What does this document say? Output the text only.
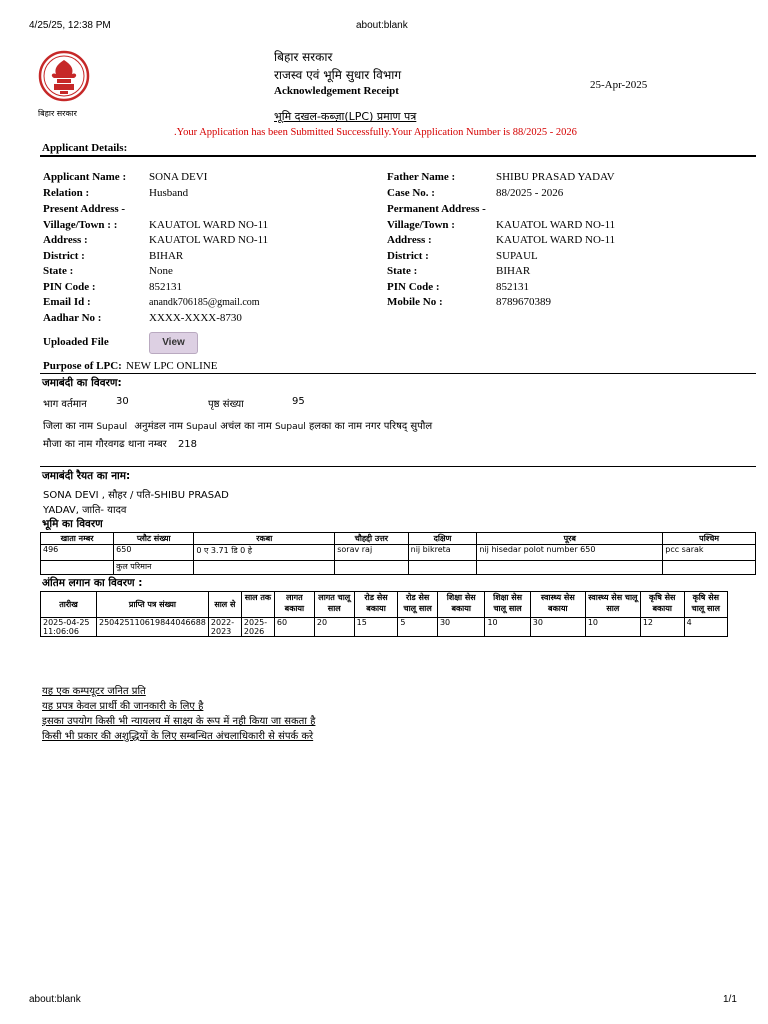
4/25/25, 12:38 PM	about:blank
बिहार सरकार
बिहार सरकार
राजस्व एवं भूमि सुधार विभाग
Acknowledgement Receipt	25-Apr-2025
भूमि दखल-कब्ज़ा(LPC) प्रमाण पत्र
.Your Application has been Submitted Successfully.Your Application Number is 88/2025 - 2026
Applicant Details:
Applicant Name : SONA DEVI
Relation :	Husband
Present Address -
Village/Town : :	KAUATOL WARD NO-11
Address :	KAUATOL WARD NO-11
District :	BIHAR
State :	None
PIN Code :	852131
Email Id :	anandk706185@gmail.com
Aadhar No :	XXXX-XXXX-8730
Father Name :	SHIBU PRASAD YADAV
Case No. :	88/2025 - 2026
Permanent Address -
Village/Town :	KAUATOL WARD NO-11
Address :	KAUATOL WARD NO-11
District :	SUPAUL
State :	BIHAR
PIN Code :	852131
Mobile No :	8789670389
Uploaded File	View
Purpose of LPC: NEW LPC ONLINE
जमाबंदी का विवरण:
भाग वर्तमान	30	पृष्ठ संख्या	95
जिला का नाम Supaul अनुमंडल नाम Supaul अचंल का नाम Supaul हलका का नाम नगर परिषद् सुपौल
मौजा का नाम गौरवगढ थाना नम्बर 218
जमाबंदी रैयत का नाम:
SONA DEVI , सौहर / पति-SHIBU PRASAD
YADAV, जाति- यादव
भूमि का विवरण
खाता नम्बर	प्लौट संख्या	रकबा	चौहद्दी उत्तर	दक्षिण	पूरब	पश्चिम
496	650	0 ए 3.71 डि 0 हे	sorav raj	nij bikreta	nij hisedar polot number 650	pcc sarak
	कुल परिमान					
अंतिम लगान का विवरण :
तारीख	प्राप्ति पत्र संख्या	साल से	साल तक	लागत बकाया	लागत चालू साल	रोड सेस बकाया	रोड सेस चालू साल	शिक्षा सेस बकाया	शिक्षा सेस चालू साल	स्वास्थ्य सेस बकाया	स्वास्थ्य सेस चालू साल	कृषि सेस बकाया	कृषि सेस चालू साल
2025-04-25 11:06:06	250425110619844046688	2022-2023	2025-2026	60	20	15	5	30	10	30	10	12	4
यह एक कम्पयूटर जनित प्रति
यह प्रपत्र केवल प्रार्थी की जानकारी के लिए है
इसका उपयोग किसी भी न्यायलय में साक्ष्य के रूप में नही किया जा सकता है
किसी भी प्रकार की अशुद्धियों के लिए सम्बन्धित अंचलाधिकारी से संपर्क करे
about:blank	1/1
